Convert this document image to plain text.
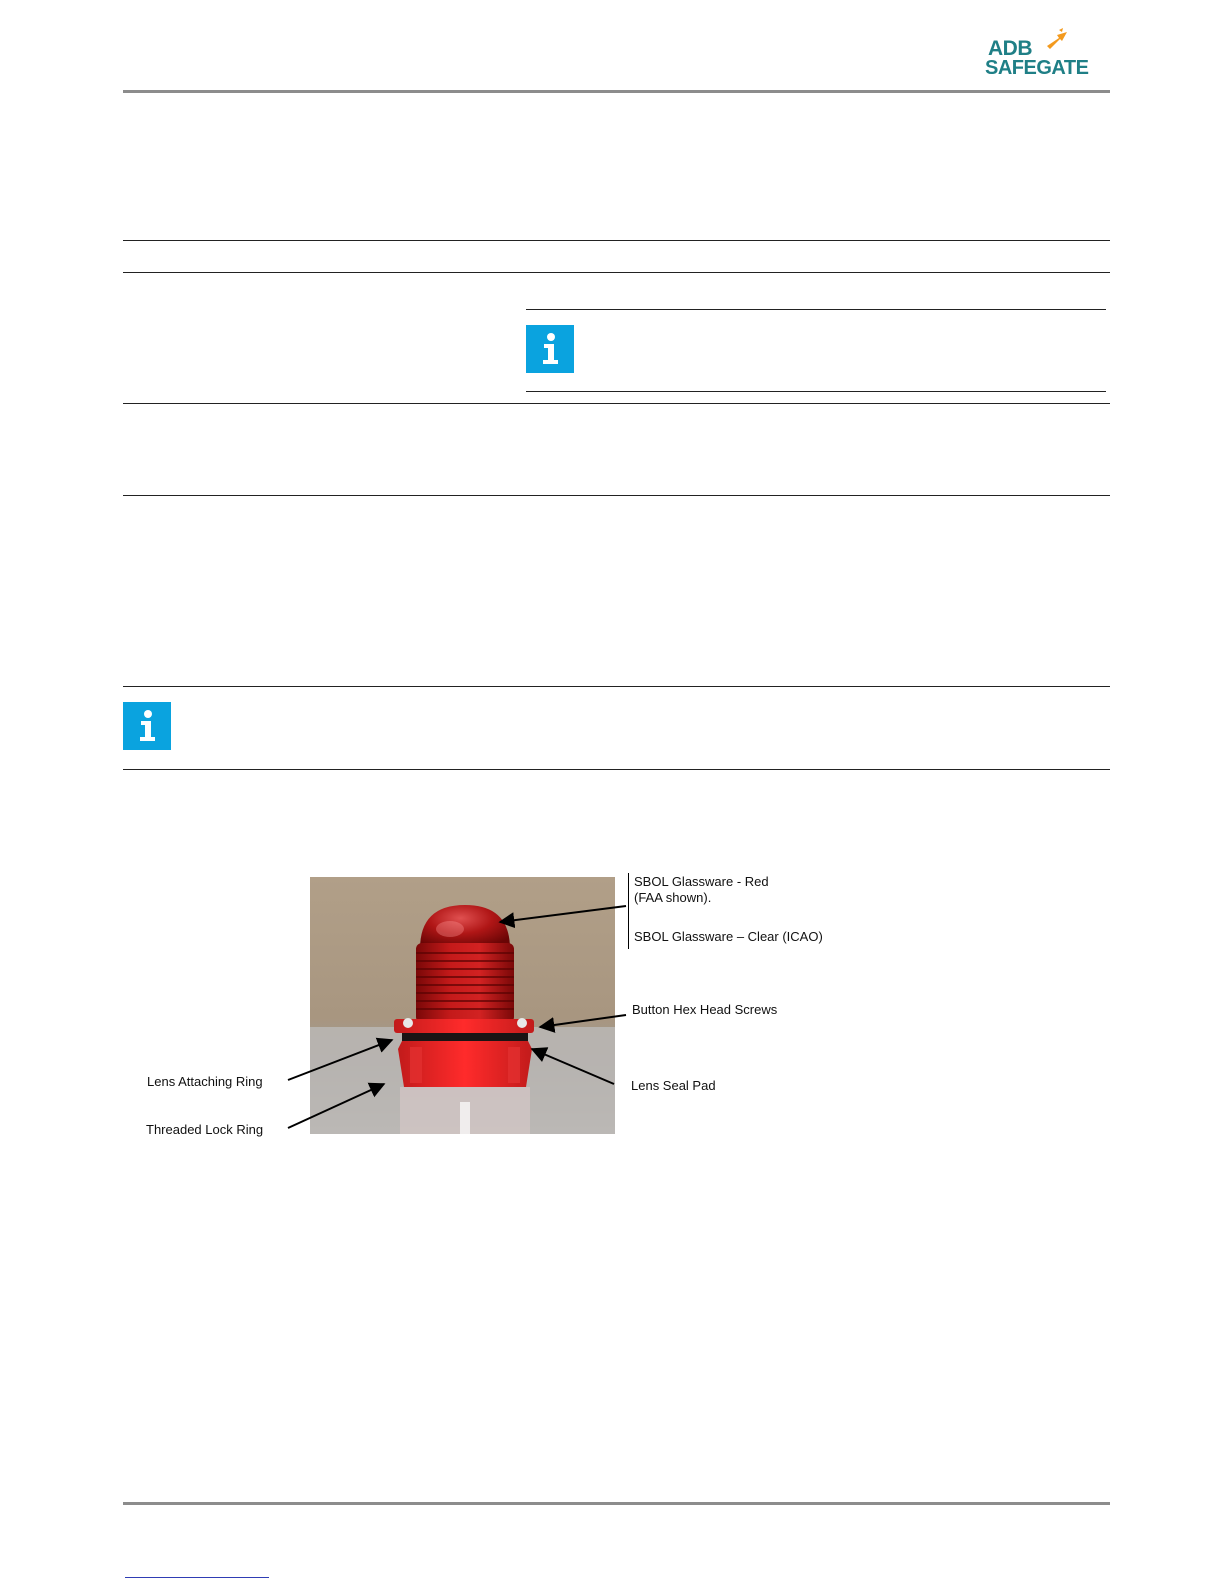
ADB
SAFEGATE
SBOL Glassware - Red
(FAA shown).
SBOL Glassware – Clear (ICAO)
Button Hex Head Screws
Lens Seal Pad
Lens Attaching Ring
Threaded Lock Ring
